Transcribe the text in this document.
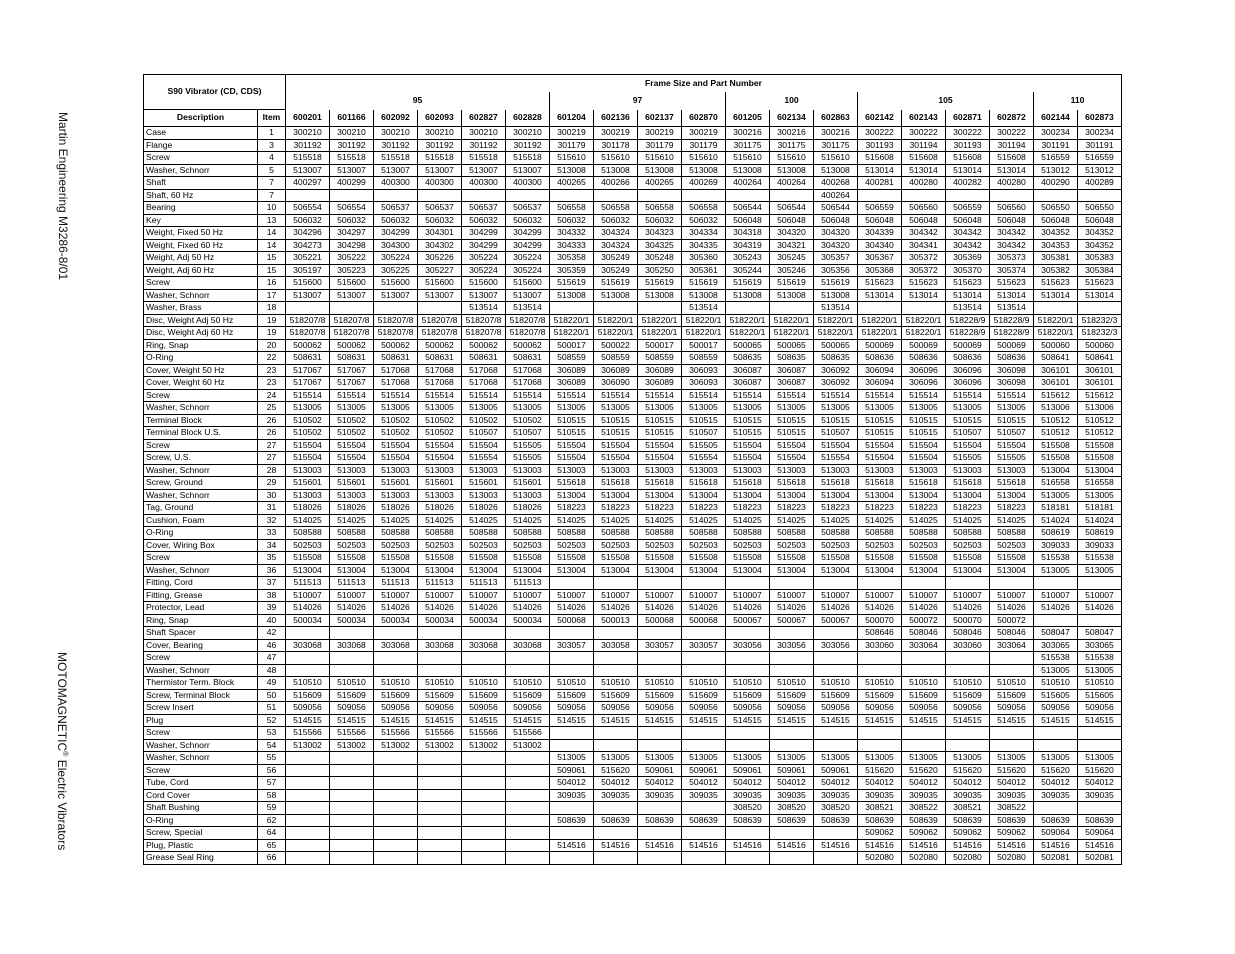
Martin Engineering M3286-8/01
MOTOMAGNETIC® Electric Vibrators
S90 Vibrator (CD, CDS)		Frame Size and Part Number																		
		95						97				100			105				110	
Description	Item	600201	601166	602092	602093	602827	602828	601204	602136	602137	602870	601205	602134	602863	602142	602143	602871	602872	602144	602873
Case	1	300210	300210	300210	300210	300210	300210	300219	300219	300219	300219	300216	300216	300216	300222	300222	300222	300222	300234	300234
Flange	3	301192	301192	301192	301192	301192	301192	301179	301178	301179	301179	301175	301175	301175	301193	301194	301193	301194	301191	301191
Screw	4	515518	515518	515518	515518	515518	515518	515610	515610	515610	515610	515610	515610	515610	515608	515608	515608	515608	516559	516559
Washer, Schnorr	5	513007	513007	513007	513007	513007	513007	513008	513008	513008	513008	513008	513008	513008	513014	513014	513014	513014	513012	513012
Shaft	7	400297	400299	400300	400300	400300	400300	400265	400266	400265	400269	400264	400264	400268	400281	400280	400282	400280	400290	400289
Shaft, 60 Hz	7													400264						
Bearing	10	506554	506554	506537	506537	506537	506537	506558	506558	506558	506558	506544	506544	506544	506559	506560	506559	506560	506550	506550
Key	13	506032	506032	506032	506032	506032	506032	506032	506032	506032	506032	506048	506048	506048	506048	506048	506048	506048	506048	506048
Weight, Fixed 50 Hz	14	304296	304297	304299	304301	304299	304299	304332	304324	304323	304334	304318	304320	304320	304339	304342	304342	304342	304352	304352
Weight, Fixed 60 Hz	14	304273	304298	304300	304302	304299	304299	304333	304324	304325	304335	304319	304321	304320	304340	304341	304342	304342	304353	304352
Weight, Adj 50 Hz	15	305221	305222	305224	305226	305224	305224	305358	305249	305248	305360	305243	305245	305357	305367	305372	305369	305373	305381	305383
Weight, Adj 60 Hz	15	305197	305223	305225	305227	305224	305224	305359	305249	305250	305361	305244	305246	305356	305368	305372	305370	305374	305382	305384
Screw	16	515600	515600	515600	515600	515600	515600	515619	515619	515619	515619	515619	515619	515619	515623	515623	515623	515623	515623	515623
Washer, Schnorr	17	513007	513007	513007	513007	513007	513007	513008	513008	513008	513008	513008	513008	513008	513014	513014	513014	513014	513014	513014
Washer, Brass	18					513514	513514				513514			513514			513514	513514		
Disc, Weight Adj 50 Hz	19	518207/8	518207/8	518207/8	518207/8	518207/8	518207/8	518220/1	518220/1	518220/1	518220/1	518220/1	518220/1	518220/1	518220/1	518220/1	518228/9	518228/9	518220/1	518232/3
Disc, Weight Adj 60 Hz	19	518207/8	518207/8	518207/8	518207/8	518207/8	518207/8	518220/1	518220/1	518220/1	518220/1	518220/1	518220/1	518220/1	518220/1	518220/1	518228/9	518228/9	518220/1	518232/3
Ring, Snap	20	500062	500062	500062	500062	500062	500062	500017	500022	500017	500017	500065	500065	500065	500069	500069	500069	500069	500060	500060
O-Ring	22	508631	508631	508631	508631	508631	508631	508559	508559	508559	508559	508635	508635	508635	508636	508636	508636	508636	508641	508641
Cover, Weight 50 Hz	23	517067	517067	517068	517068	517068	517068	306089	306089	306089	306093	306087	306087	306092	306094	306096	306096	306098	306101	306101
Cover, Weight 60 Hz	23	517067	517067	517068	517068	517068	517068	306089	306090	306089	306093	306087	306087	306092	306094	306096	306096	306098	306101	306101
Screw	24	515514	515514	515514	515514	515514	515514	515514	515514	515514	515514	515514	515514	515514	515514	515514	515514	515514	515612	515612
Washer, Schnorr	25	513005	513005	513005	513005	513005	513005	513005	513005	513005	513005	513005	513005	513005	513005	513005	513005	513005	513006	513006
Terminal Block	26	510502	510502	510502	510502	510502	510502	510515	510515	510515	510515	510515	510515	510515	510515	510515	510515	510515	510512	510512
Terminal Block U.S.	26	510502	510502	510502	510502	510507	510507	510515	510515	510515	510507	510515	510515	510507	510515	510515	510507	510507	510512	510512
Screw	27	515504	515504	515504	515504	515504	515505	515504	515504	515504	515505	515504	515504	515504	515504	515504	515504	515504	515508	515508
Screw, U.S.	27	515504	515504	515504	515504	515554	515505	515504	515504	515504	515554	515504	515504	515554	515504	515504	515505	515505	515508	515508
Washer, Schnorr	28	513003	513003	513003	513003	513003	513003	513003	513003	513003	513003	513003	513003	513003	513003	513003	513003	513003	513004	513004
Screw, Ground	29	515601	515601	515601	515601	515601	515601	515618	515618	515618	515618	515618	515618	515618	515618	515618	515618	515618	516558	516558
Washer, Schnorr	30	513003	513003	513003	513003	513003	513003	513004	513004	513004	513004	513004	513004	513004	513004	513004	513004	513004	513005	513005
Tag, Ground	31	518026	518026	518026	518026	518026	518026	518223	518223	518223	518223	518223	518223	518223	518223	518223	518223	518223	518181	518181
Cushion, Foam	32	514025	514025	514025	514025	514025	514025	514025	514025	514025	514025	514025	514025	514025	514025	514025	514025	514025	514024	514024
O-Ring	33	508588	508588	508588	508588	508588	508588	508588	508588	508588	508588	508588	508588	508588	508588	508588	508588	508588	508619	508619
Cover, Wiring Box	34	502503	502503	502503	502503	502503	502503	502503	502503	502503	502503	502503	502503	502503	502503	502503	502503	502503	309033	309033
Screw	35	515508	515508	515508	515508	515508	515508	515508	515508	515508	515508	515508	515508	515508	515508	515508	515508	515508	515538	515538
Washer, Schnorr	36	513004	513004	513004	513004	513004	513004	513004	513004	513004	513004	513004	513004	513004	513004	513004	513004	513004	513005	513005
Fitting, Cord	37	511513	511513	511513	511513	511513	511513													
Fitting, Grease	38	510007	510007	510007	510007	510007	510007	510007	510007	510007	510007	510007	510007	510007	510007	510007	510007	510007	510007	510007
Protector, Lead	39	514026	514026	514026	514026	514026	514026	514026	514026	514026	514026	514026	514026	514026	514026	514026	514026	514026	514026	514026
Ring, Snap	40	500034	500034	500034	500034	500034	500034	500068	500013	500068	500068	500067	500067	500067	500070	500072	500070	500072		
Shaft Spacer	42														508646	508046	508046	508046	508047	508047
Cover, Bearing	46	303068	303068	303068	303068	303068	303068	303057	303058	303057	303057	303056	303056	303056	303060	303064	303060	303064	303065	303065
Screw	47																		515538	515538
Washer, Schnorr	48																		513005	513005
Thermistor Term. Block	49	510510	510510	510510	510510	510510	510510	510510	510510	510510	510510	510510	510510	510510	510510	510510	510510	510510	510510	510510
Screw, Terminal Block	50	515609	515609	515609	515609	515609	515609	515609	515609	515609	515609	515609	515609	515609	515609	515609	515609	515609	515605	515605
Screw Insert	51	509056	509056	509056	509056	509056	509056	509056	509056	509056	509056	509056	509056	509056	509056	509056	509056	509056	509056	509056
Plug	52	514515	514515	514515	514515	514515	514515	514515	514515	514515	514515	514515	514515	514515	514515	514515	514515	514515	514515	514515
Screw	53	515566	515566	515566	515566	515566	515566													
Washer, Schnorr	54	513002	513002	513002	513002	513002	513002													
Washer, Schnorr	55							513005	513005	513005	513005	513005	513005	513005	513005	513005	513005	513005	513005	513005
Screw	56							509061	515620	509061	509061	509061	509061	509061	515620	515620	515620	515620	515620	515620
Tube, Cord	57							504012	504012	504012	504012	504012	504012	504012	504012	504012	504012	504012	504012	504012
Cord Cover	58							309035	309035	309035	309035	309035	309035	309035	309035	309035	309035	309035	309035	309035
Shaft Bushing	59											308520	308520	308520	308521	308522	308521	308522		
O-Ring	62							508639	508639	508639	508639	508639	508639	508639	508639	508639	508639	508639	508639	508639
Screw, Special	64														509062	509062	509062	509062	509064	509064
Plug, Plastic	65							514516	514516	514516	514516	514516	514516	514516	514516	514516	514516	514516	514516	514516
Grease Seal Ring	66														502080	502080	502080	502080	502081	502081
